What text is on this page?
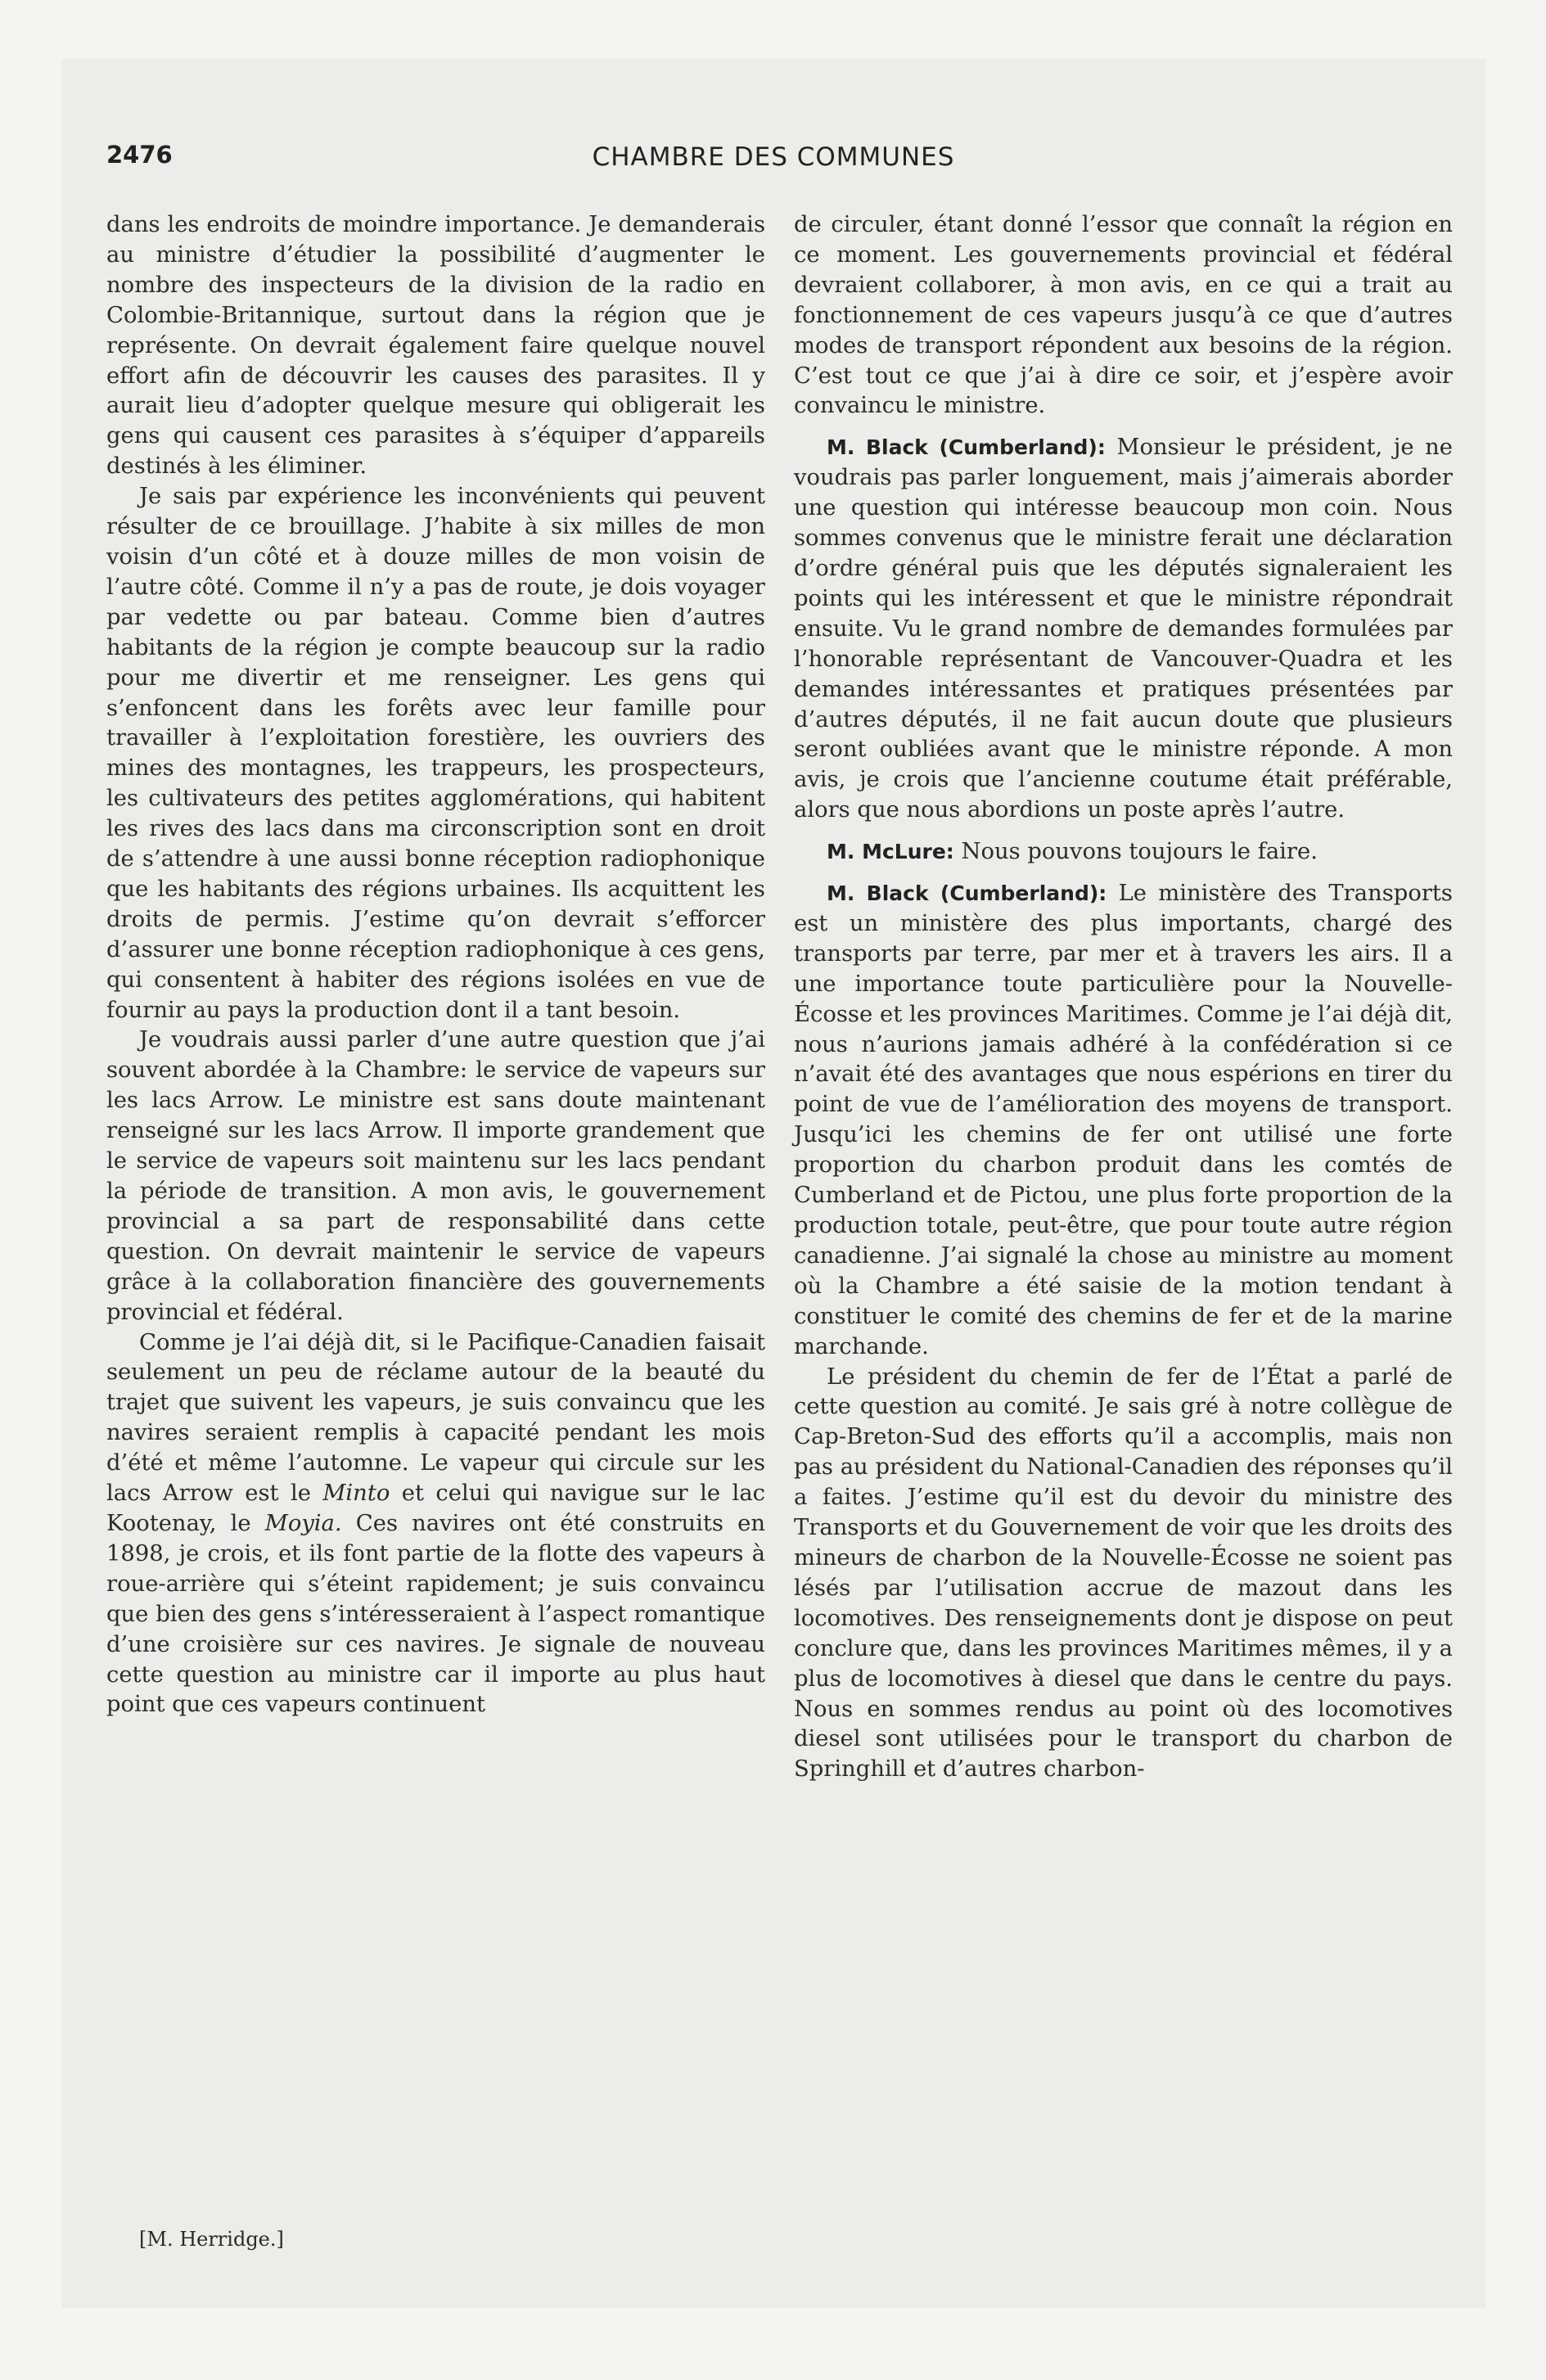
2476	CHAMBRE DES COMMUNES

dans les endroits de moindre importance. Je demanderais au ministre d’étudier la possibilité d’augmenter le nombre des inspecteurs de la division de la radio en Colombie-Britannique, surtout dans la région que je représente. On devrait également faire quelque nouvel effort afin de découvrir les causes des parasites. Il y aurait lieu d’adopter quelque mesure qui obligerait les gens qui causent ces parasites à s’équiper d’appareils destinés à les éliminer.

Je sais par expérience les inconvénients qui peuvent résulter de ce brouillage. J’habite à six milles de mon voisin d’un côté et à douze milles de mon voisin de l’autre côté. Comme il n’y a pas de route, je dois voyager par vedette ou par bateau. Comme bien d’autres habitants de la région je compte beaucoup sur la radio pour me divertir et me renseigner. Les gens qui s’enfoncent dans les forêts avec leur famille pour travailler à l’exploitation forestière, les ouvriers des mines des montagnes, les trappeurs, les prospecteurs, les cultivateurs des petites agglomérations, qui habitent les rives des lacs dans ma circonscription sont en droit de s’attendre à une aussi bonne réception radiophonique que les habitants des régions urbaines. Ils acquittent les droits de permis. J’estime qu’on devrait s’efforcer d’assurer une bonne réception radiophonique à ces gens, qui consentent à habiter des régions isolées en vue de fournir au pays la production dont il a tant besoin.

Je voudrais aussi parler d’une autre question que j’ai souvent abordée à la Chambre: le service de vapeurs sur les lacs Arrow. Le ministre est sans doute maintenant renseigné sur les lacs Arrow. Il importe grandement que le service de vapeurs soit maintenu sur les lacs pendant la période de transition. A mon avis, le gouvernement provincial a sa part de responsabilité dans cette question. On devrait maintenir le service de vapeurs grâce à la collaboration financière des gouvernements provincial et fédéral.

Comme je l’ai déjà dit, si le Pacifique-Canadien faisait seulement un peu de réclame autour de la beauté du trajet que suivent les vapeurs, je suis convaincu que les navires seraient remplis à capacité pendant les mois d’été et même l’automne. Le vapeur qui circule sur les lacs Arrow est le Minto et celui qui navigue sur le lac Kootenay, le Moyia. Ces navires ont été construits en 1898, je crois, et ils font partie de la flotte des vapeurs à roue-arrière qui s’éteint rapidement; je suis convaincu que bien des gens s’intéresseraient à l’aspect romantique d’une croisière sur ces navires. Je signale de nouveau cette question au ministre car il importe au plus haut point que ces vapeurs continuent

de circuler, étant donné l’essor que connaît la région en ce moment. Les gouvernements provincial et fédéral devraient collaborer, à mon avis, en ce qui a trait au fonctionnement de ces vapeurs jusqu’à ce que d’autres modes de transport répondent aux besoins de la région. C’est tout ce que j’ai à dire ce soir, et j’espère avoir convaincu le ministre.

M. Black (Cumberland): Monsieur le président, je ne voudrais pas parler longuement, mais j’aimerais aborder une question qui intéresse beaucoup mon coin. Nous sommes convenus que le ministre ferait une déclaration d’ordre général puis que les députés signaleraient les points qui les intéressent et que le ministre répondrait ensuite. Vu le grand nombre de demandes formulées par l’honorable représentant de Vancouver-Quadra et les demandes intéressantes et pratiques présentées par d’autres députés, il ne fait aucun doute que plusieurs seront oubliées avant que le ministre réponde. A mon avis, je crois que l’ancienne coutume était préférable, alors que nous abordions un poste après l’autre.

M. McLure: Nous pouvons toujours le faire.

M. Black (Cumberland): Le ministère des Transports est un ministère des plus importants, chargé des transports par terre, par mer et à travers les airs. Il a une importance toute particulière pour la Nouvelle-Écosse et les provinces Maritimes. Comme je l’ai déjà dit, nous n’aurions jamais adhéré à la confédération si ce n’avait été des avantages que nous espérions en tirer du point de vue de l’amélioration des moyens de transport. Jusqu’ici les chemins de fer ont utilisé une forte proportion du charbon produit dans les comtés de Cumberland et de Pictou, une plus forte proportion de la production totale, peut-être, que pour toute autre région canadienne. J’ai signalé la chose au ministre au moment où la Chambre a été saisie de la motion tendant à constituer le comité des chemins de fer et de la marine marchande.

Le président du chemin de fer de l’État a parlé de cette question au comité. Je sais gré à notre collègue de Cap-Breton-Sud des efforts qu’il a accomplis, mais non pas au président du National-Canadien des réponses qu’il a faites. J’estime qu’il est du devoir du ministre des Transports et du Gouvernement de voir que les droits des mineurs de charbon de la Nouvelle-Écosse ne soient pas lésés par l’utilisation accrue de mazout dans les locomotives. Des renseignements dont je dispose on peut conclure que, dans les provinces Maritimes mêmes, il y a plus de locomotives à diesel que dans le centre du pays. Nous en sommes rendus au point où des locomotives diesel sont utilisées pour le transport du charbon de Springhill et d’autres charbon-

[M. Herridge.]
